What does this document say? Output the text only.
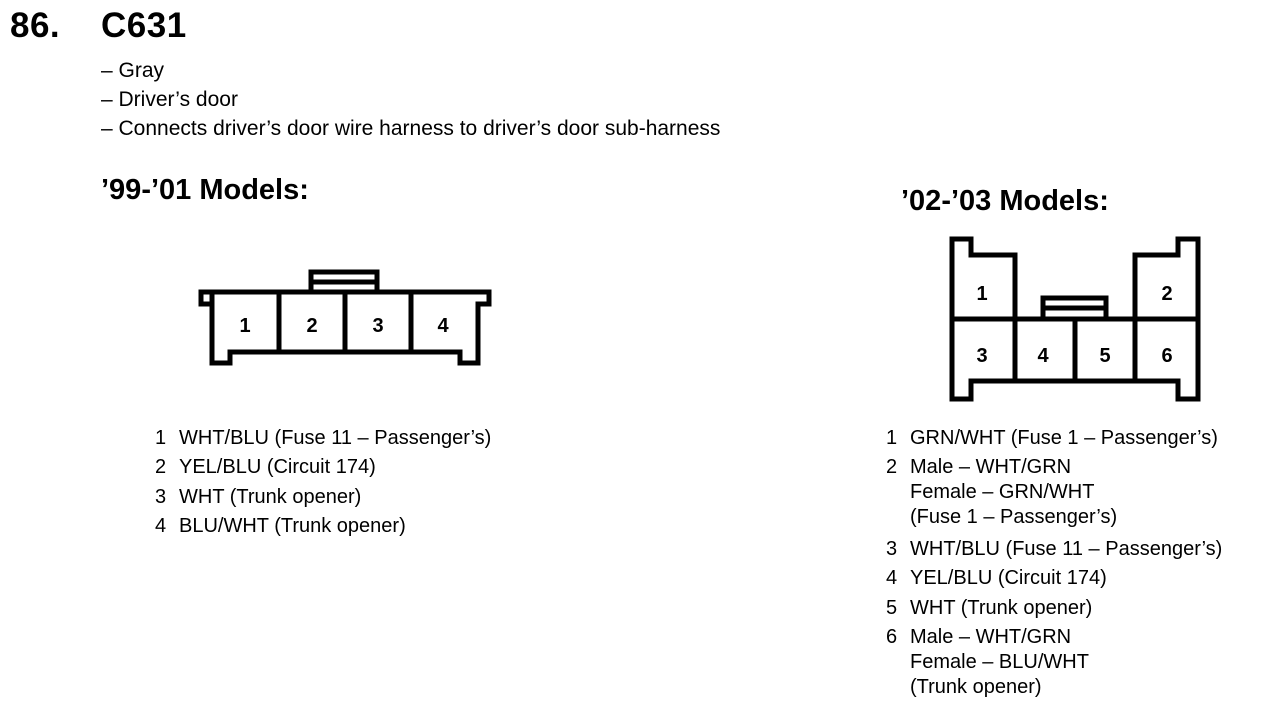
86. C631
– Gray
– Driver’s door
– Connects driver’s door wire harness to driver’s door sub-harness
’99-’01 Models:
1	2	3	4
1 WHT/BLU (Fuse 11 – Passenger’s)
2 YEL/BLU (Circuit 174)
3 WHT (Trunk opener)
4 BLU/WHT (Trunk opener)
’02-’03 Models:
1	2
3 4	5	6
1 GRN/WHT (Fuse 1 – Passenger’s)
2 Male – WHT/GRN
Female – GRN/WHT
(Fuse 1 – Passenger’s)
3 WHT/BLU (Fuse 11 – Passenger’s)
4 YEL/BLU (Circuit 174)
5 WHT (Trunk opener)
6 Male – WHT/GRN
Female – BLU/WHT
(Trunk opener)
